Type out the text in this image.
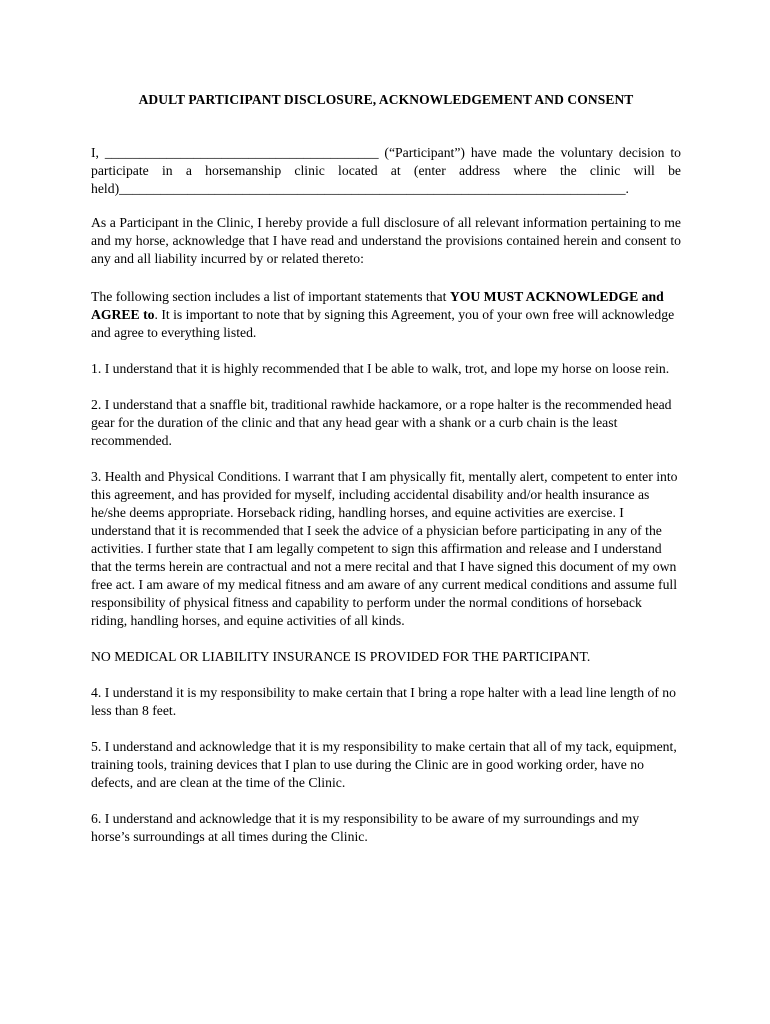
ADULT PARTICIPANT DISCLOSURE, ACKNOWLEDGEMENT AND CONSENT

I, ________________________________________ (“Participant”) have made the voluntary decision to participate in a horsemanship clinic located at (enter address where the clinic will be held)__________________________________________________________________________.

As a Participant in the Clinic, I hereby provide a full disclosure of all relevant information pertaining to me and my horse, acknowledge that I have read and understand the provisions contained herein and consent to any and all liability incurred by or related thereto:

The following section includes a list of important statements that YOU MUST ACKNOWLEDGE and AGREE to. It is important to note that by signing this Agreement, you of your own free will acknowledge and agree to everything listed.

1. I understand that it is highly recommended that I be able to walk, trot, and lope my horse on loose rein.

2. I understand that a snaffle bit, traditional rawhide hackamore, or a rope halter is the recommended head gear for the duration of the clinic and that any head gear with a shank or a curb chain is the least recommended.

3. Health and Physical Conditions. I warrant that I am physically fit, mentally alert, competent to enter into this agreement, and has provided for myself, including accidental disability and/or health insurance as he/she deems appropriate. Horseback riding, handling horses, and equine activities are exercise. I understand that it is recommended that I seek the advice of a physician before participating in any of the activities. I further state that I am legally competent to sign this affirmation and release and I understand that the terms herein are contractual and not a mere recital and that I have signed this document of my own free act. I am aware of my medical fitness and am aware of any current medical conditions and assume full responsibility of physical fitness and capability to perform under the normal conditions of horseback riding, handling horses, and equine activities of all kinds.

NO MEDICAL OR LIABILITY INSURANCE IS PROVIDED FOR THE PARTICIPANT.

4. I understand it is my responsibility to make certain that I bring a rope halter with a lead line length of no less than 8 feet.

5. I understand and acknowledge that it is my responsibility to make certain that all of my tack, equipment, training tools, training devices that I plan to use during the Clinic are in good working order, have no defects, and are clean at the time of the Clinic.

6. I understand and acknowledge that it is my responsibility to be aware of my surroundings and my horse’s surroundings at all times during the Clinic.
